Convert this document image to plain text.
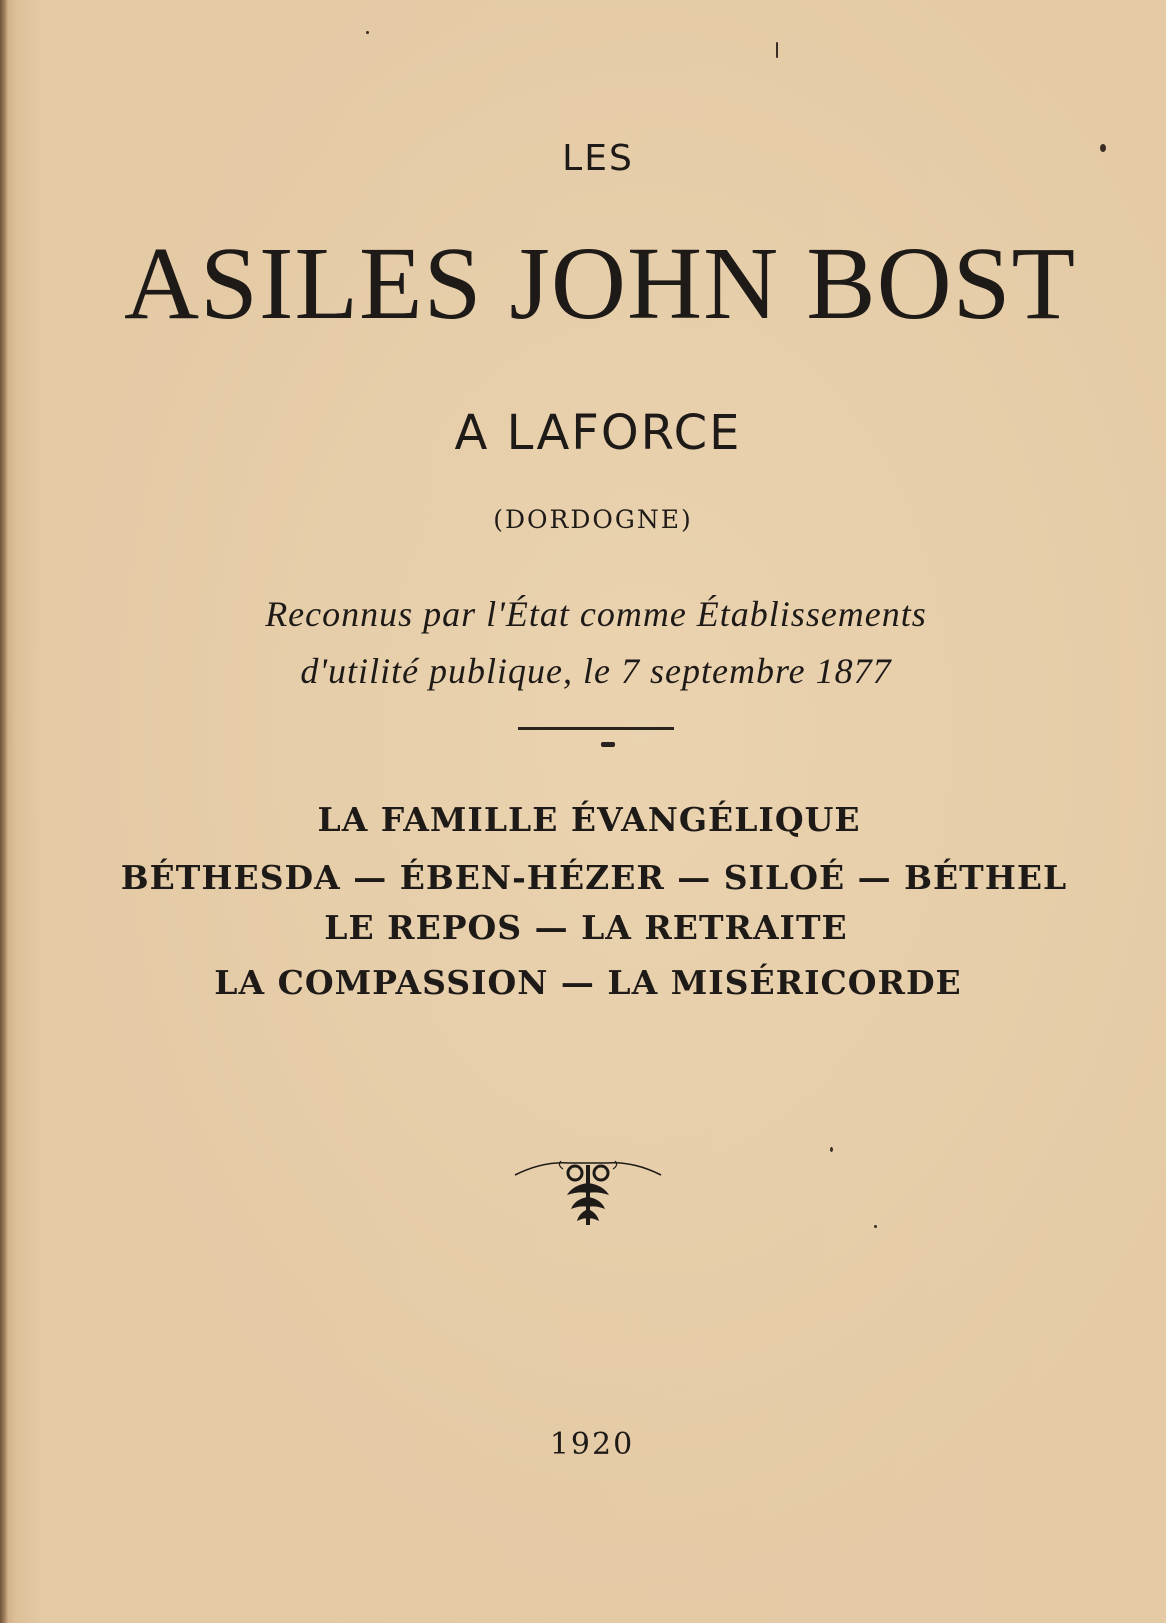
LES
ASILES JOHN BOST
A LAFORCE
(DORDOGNE)
Reconnus par l'État comme Établissements
d'utilité publique, le 7 septembre 1877
LA FAMILLE ÉVANGÉLIQUE
BÉTHESDA — ÉBEN-HÉZER — SILOÉ — BÉTHEL
LE REPOS — LA RETRAITE
LA COMPASSION — LA MISÉRICORDE
1920
